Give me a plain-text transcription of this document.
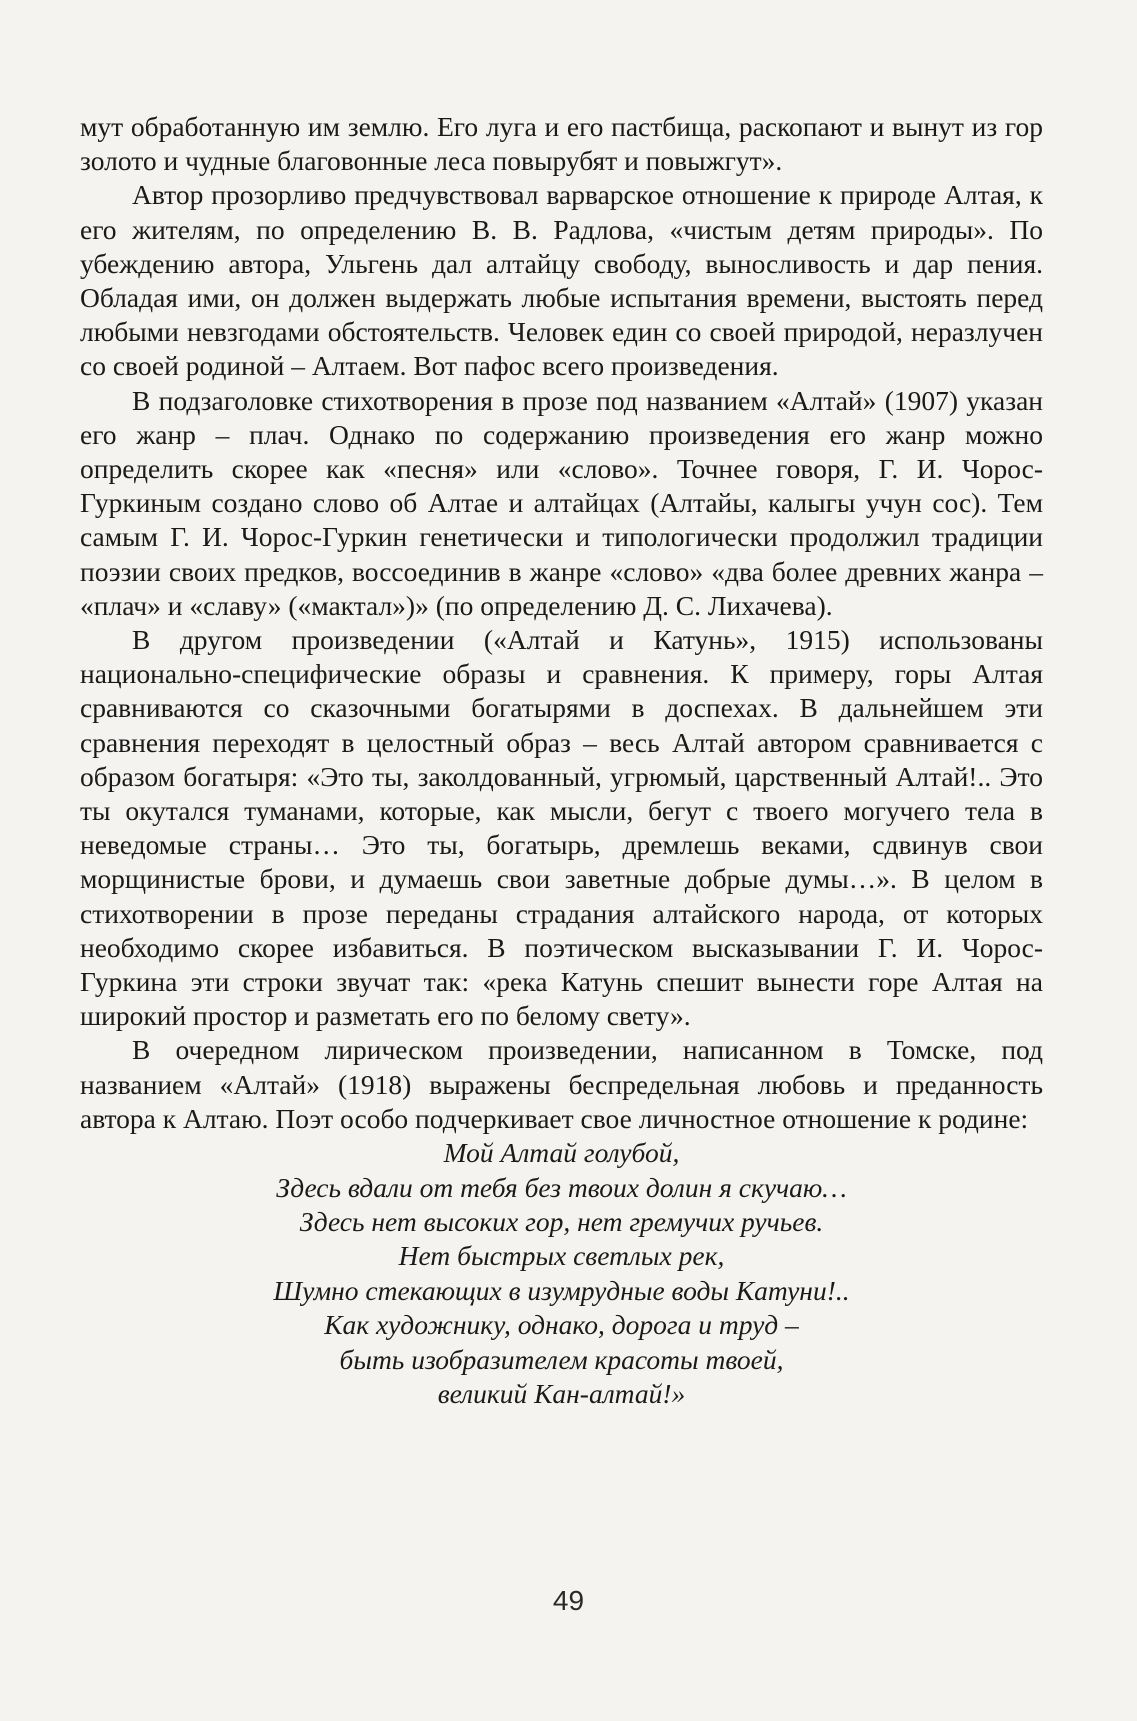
мут обработанную им землю. Его луга и его пастбища, раскопают и вынут из гор золото и чудные благовонные леса повырубят и повыжгут».

Автор прозорливо предчувствовал варварское отношение к природе Алтая, к его жителям, по определению В. В. Радлова, «чистым детям природы». По убеждению автора, Ульгень дал алтайцу свободу, выносливость и дар пения. Обладая ими, он должен выдержать любые испытания времени, выстоять перед любыми невзгодами обстоятельств. Человек един со своей природой, неразлучен со своей родиной – Алтаем. Вот пафос всего произведения.

В подзаголовке стихотворения в прозе под названием «Алтай» (1907) указан его жанр – плач. Однако по содержанию произведения его жанр можно определить скорее как «песня» или «слово». Точнее говоря, Г. И. Чорос-Гуркиным создано слово об Алтае и алтайцах (Алтайы, калыгы учун сос). Тем самым Г. И. Чорос-Гуркин генетически и типологически продолжил традиции поэзии своих предков, воссоединив в жанре «слово» «два более древних жанра – «плач» и «славу» («мактал»)» (по определению Д. С. Лихачева).

В другом произведении («Алтай и Катунь», 1915) использованы национально-специфические образы и сравнения. К примеру, горы Алтая сравниваются со сказочными богатырями в доспехах. В дальнейшем эти сравнения переходят в целостный образ – весь Алтай автором сравнивается с образом богатыря: «Это ты, заколдованный, угрюмый, царственный Алтай!.. Это ты окутался туманами, которые, как мысли, бегут с твоего могучего тела в неведомые страны… Это ты, богатырь, дремлешь веками, сдвинув свои морщинистые брови, и думаешь свои заветные добрые думы…». В целом в стихотворении в прозе переданы страдания алтайского народа, от которых необходимо скорее избавиться. В поэтическом высказывании Г. И. Чорос-Гуркина эти строки звучат так: «река Катунь спешит вынести горе Алтая на широкий простор и разметать его по белому свету».

В очередном лирическом произведении, написанном в Томске, под названием «Алтай» (1918) выражены беспредельная любовь и преданность автора к Алтаю. Поэт особо подчеркивает свое личностное отношение к родине:

Мой Алтай голубой,
Здесь вдали от тебя без твоих долин я скучаю…
Здесь нет высоких гор, нет гремучих ручьев.
Нет быстрых светлых рек,
Шумно стекающих в изумрудные воды Катуни!..
Как художнику, однако, дорога и труд –
быть изобразителем красоты твоей,
великий Кан-алтай!»
49
